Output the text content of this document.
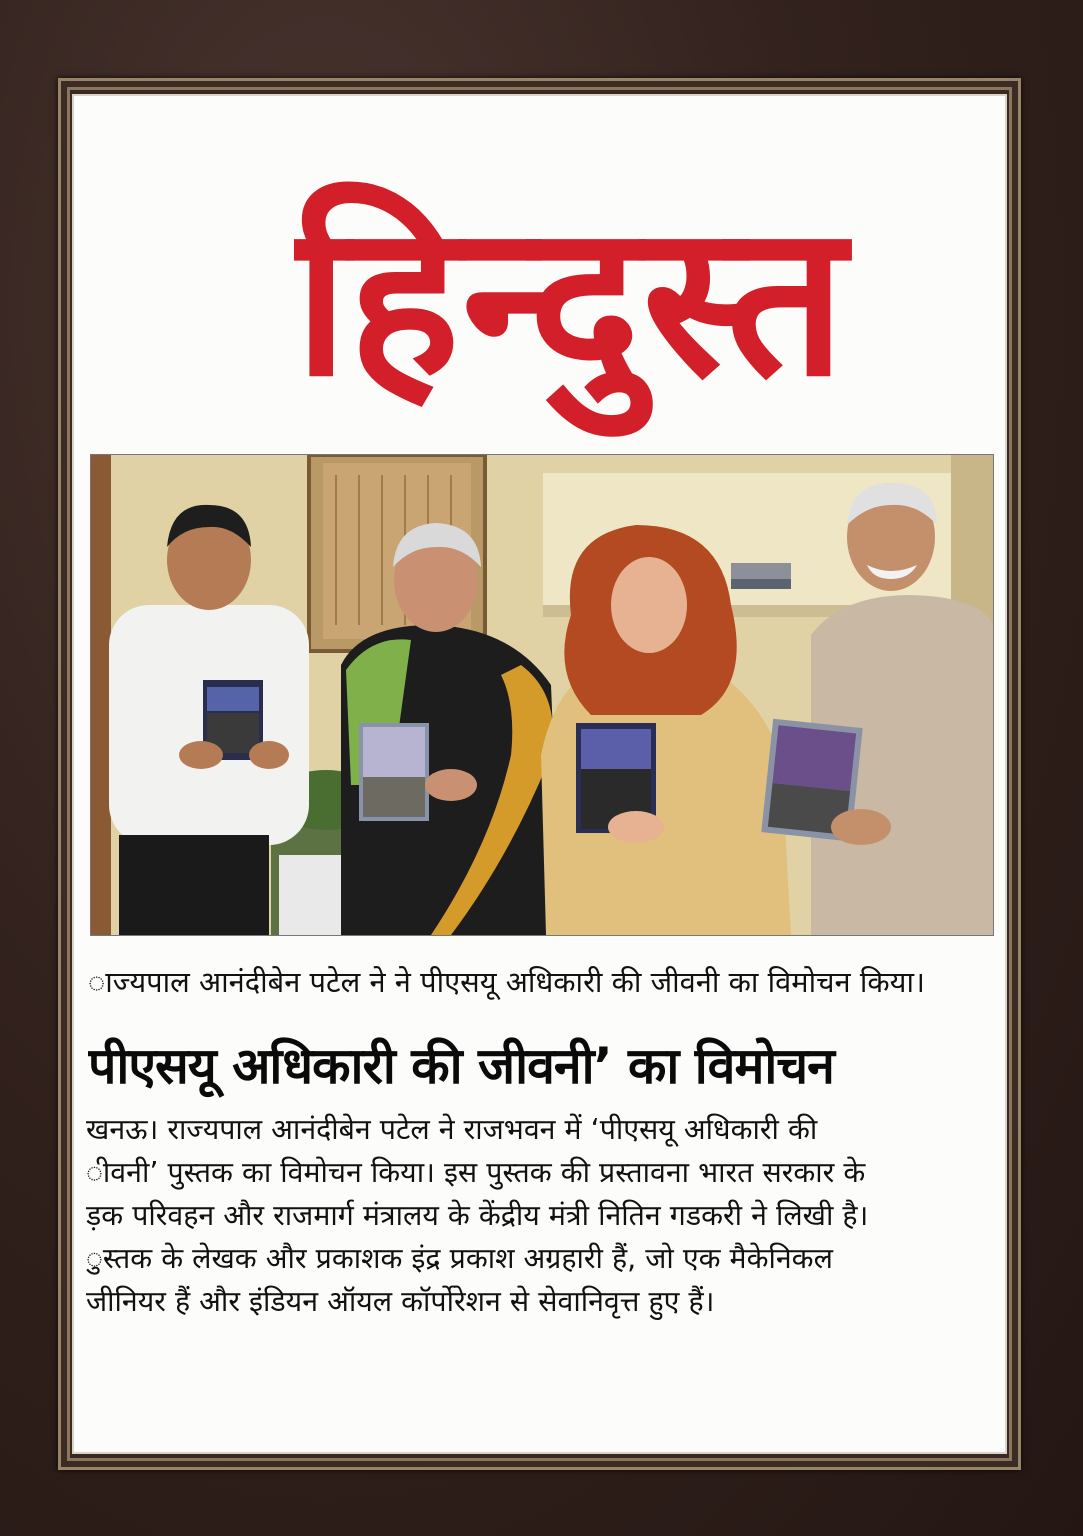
हिन्दुस्त
ाज्यपाल आनंदीबेन पटेल ने ने पीएसयू अधिकारी की जीवनी का विमोचन किया।
पीएसयू अधिकारी की जीवनी’ का विमोचन
खनऊ। राज्यपाल आनंदीबेन पटेल ने राजभवन में ‘पीएसयू अधिकारी की
ीवनी’ पुस्तक का विमोचन किया। इस पुस्तक की प्रस्तावना भारत सरकार के
ड़क परिवहन और राजमार्ग मंत्रालय के केंद्रीय मंत्री नितिन गडकरी ने लिखी है।
ुस्तक के लेखक और प्रकाशक इंद्र प्रकाश अग्रहारी हैं, जो एक मैकेनिकल
जीनियर हैं और इंडियन ऑयल कॉर्पोरेशन से सेवानिवृत्त हुए हैं।
